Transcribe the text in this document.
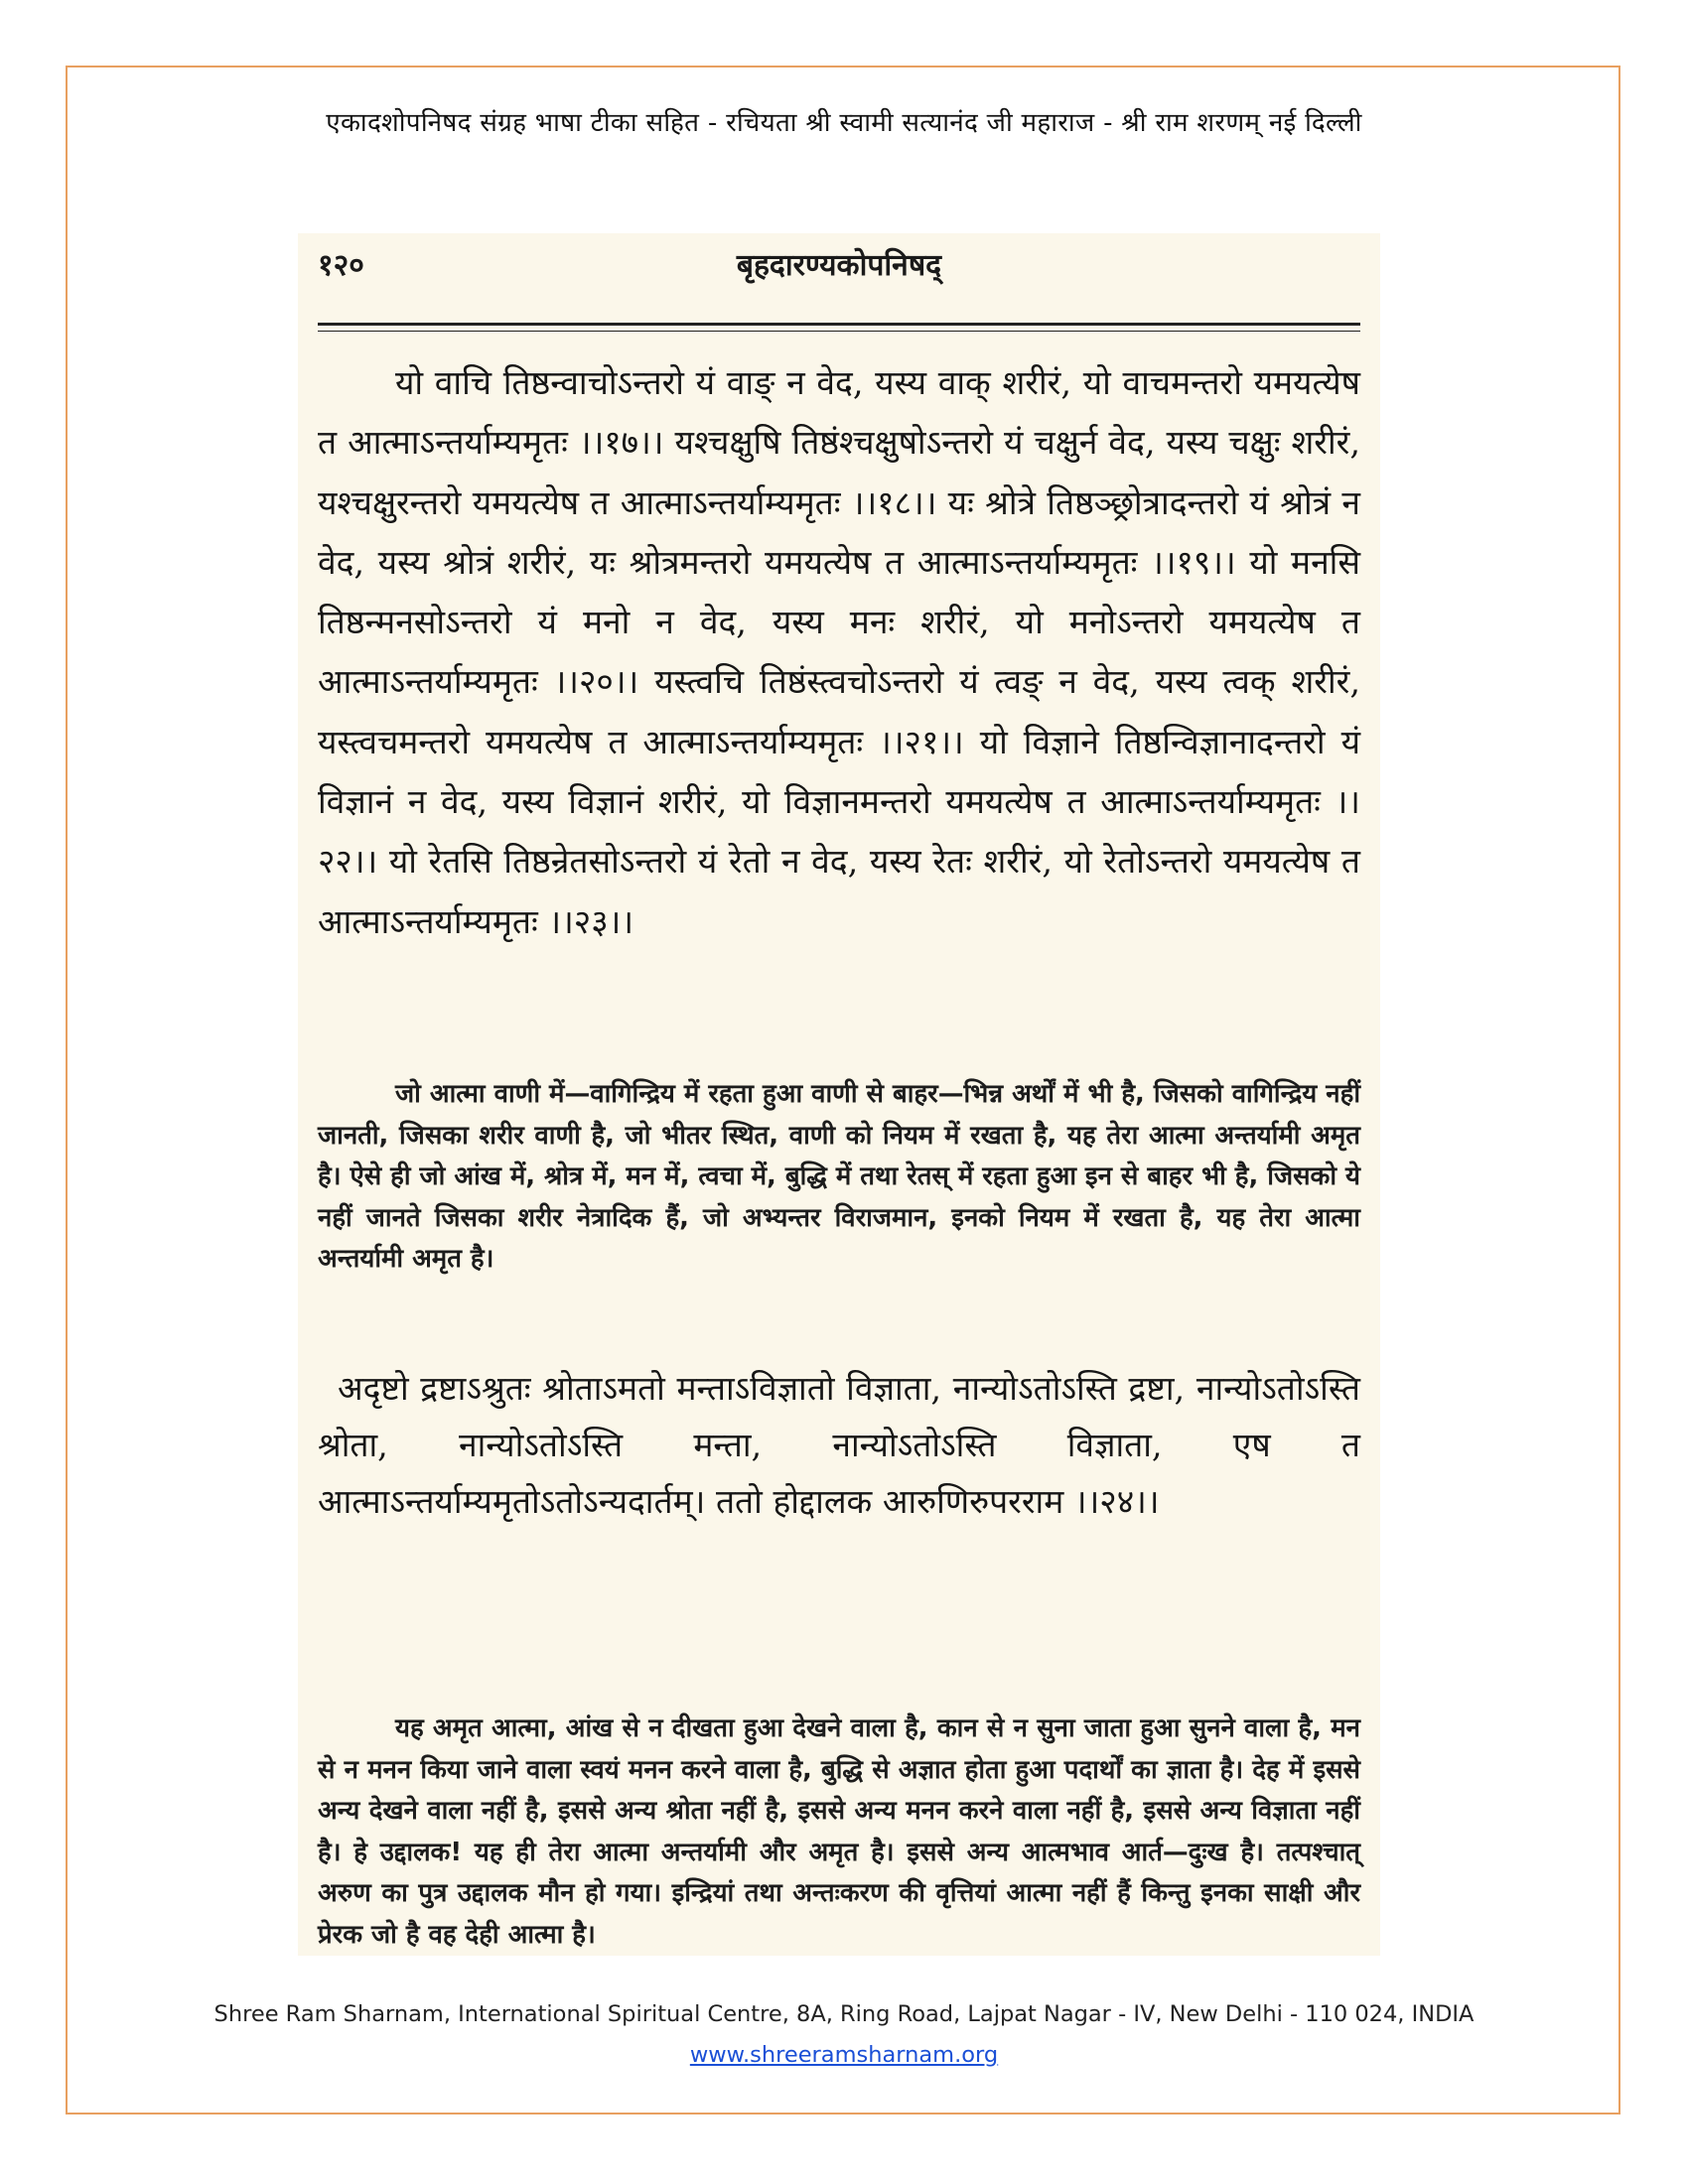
एकादशोपनिषद संग्रह भाषा टीका सहित - रचियता श्री स्वामी सत्यानंद जी महाराज - श्री राम शरणम् नई दिल्ली
१२०	बृहदारण्यकोपनिषद्

यो वाचि तिष्ठन्वाचोऽन्तरो यं वाङ् न वेद, यस्य वाक् शरीरं, यो वाचमन्तरो यमयत्येष त आत्माऽन्तर्याम्यमृतः ।।१७।। यश्चक्षुषि तिष्ठंश्चक्षुषोऽन्तरो यं चक्षुर्न वेद, यस्य चक्षुः शरीरं, यश्चक्षुरन्तरो यमयत्येष त आत्माऽन्तर्याम्यमृतः ।।१८।। यः श्रोत्रे तिष्ठञ्छ्रोत्रादन्तरो यं श्रोत्रं न वेद, यस्य श्रोत्रं शरीरं, यः श्रोत्रमन्तरो यमयत्येष त आत्माऽन्तर्याम्यमृतः ।।१९।। यो मनसि तिष्ठन्मनसोऽन्तरो यं मनो न वेद, यस्य मनः शरीरं, यो मनोऽन्तरो यमयत्येष त आत्माऽन्तर्याम्यमृतः ।।२०।। यस्त्वचि तिष्ठंस्त्वचोऽन्तरो यं त्वङ् न वेद, यस्य त्वक् शरीरं, यस्त्वचमन्तरो यमयत्येष त आत्माऽन्तर्याम्यमृतः ।।२१।। यो विज्ञाने तिष्ठन्विज्ञानादन्तरो यं विज्ञानं न वेद, यस्य विज्ञानं शरीरं, यो विज्ञानमन्तरो यमयत्येष त आत्माऽन्तर्याम्यमृतः ।।२२।। यो रेतसि तिष्ठन्रेतसोऽन्तरो यं रेतो न वेद, यस्य रेतः शरीरं, यो रेतोऽन्तरो यमयत्येष त आत्माऽन्तर्याम्यमृतः ।।२३।।

जो आत्मा वाणी में—वागिन्द्रिय में रहता हुआ वाणी से बाहर—भिन्न अर्थों में भी है, जिसको वागिन्द्रिय नहीं जानती, जिसका शरीर वाणी है, जो भीतर स्थित, वाणी को नियम में रखता है, यह तेरा आत्मा अन्तर्यामी अमृत है। ऐसे ही जो आंख में, श्रोत्र में, मन में, त्वचा में, बुद्धि में तथा रेतस् में रहता हुआ इन से बाहर भी है, जिसको ये नहीं जानते जिसका शरीर नेत्रादिक हैं, जो अभ्यन्तर विराजमान, इनको नियम में रखता है, यह तेरा आत्मा अन्तर्यामी अमृत है।

अदृष्टो द्रष्टाऽश्रुतः श्रोताऽमतो मन्ताऽविज्ञातो विज्ञाता, नान्योऽतोऽस्ति द्रष्टा, नान्योऽतोऽस्ति श्रोता, नान्योऽतोऽस्ति मन्ता, नान्योऽतोऽस्ति विज्ञाता, एष त आत्माऽन्तर्याम्यमृतोऽतोऽन्यदार्तम्। ततो होद्दालक आरुणिरुपरराम ।।२४।।

यह अमृत आत्मा, आंख से न दीखता हुआ देखने वाला है, कान से न सुना जाता हुआ सुनने वाला है, मन से न मनन किया जाने वाला स्वयं मनन करने वाला है, बुद्धि से अज्ञात होता हुआ पदार्थों का ज्ञाता है। देह में इससे अन्य देखने वाला नहीं है, इससे अन्य श्रोता नहीं है, इससे अन्य मनन करने वाला नहीं है, इससे अन्य विज्ञाता नहीं है। हे उद्दालक! यह ही तेरा आत्मा अन्तर्यामी और अमृत है। इससे अन्य आत्मभाव आर्त—दुःख है। तत्पश्चात् अरुण का पुत्र उद्दालक मौन हो गया। इन्द्रियां तथा अन्तःकरण की वृत्तियां आत्मा नहीं हैं किन्तु इनका साक्षी और प्रेरक जो है वह देही आत्मा है।

Shree Ram Sharnam, International Spiritual Centre, 8A, Ring Road, Lajpat Nagar - IV, New Delhi - 110 024, INDIA
www.shreeramsharnam.org
